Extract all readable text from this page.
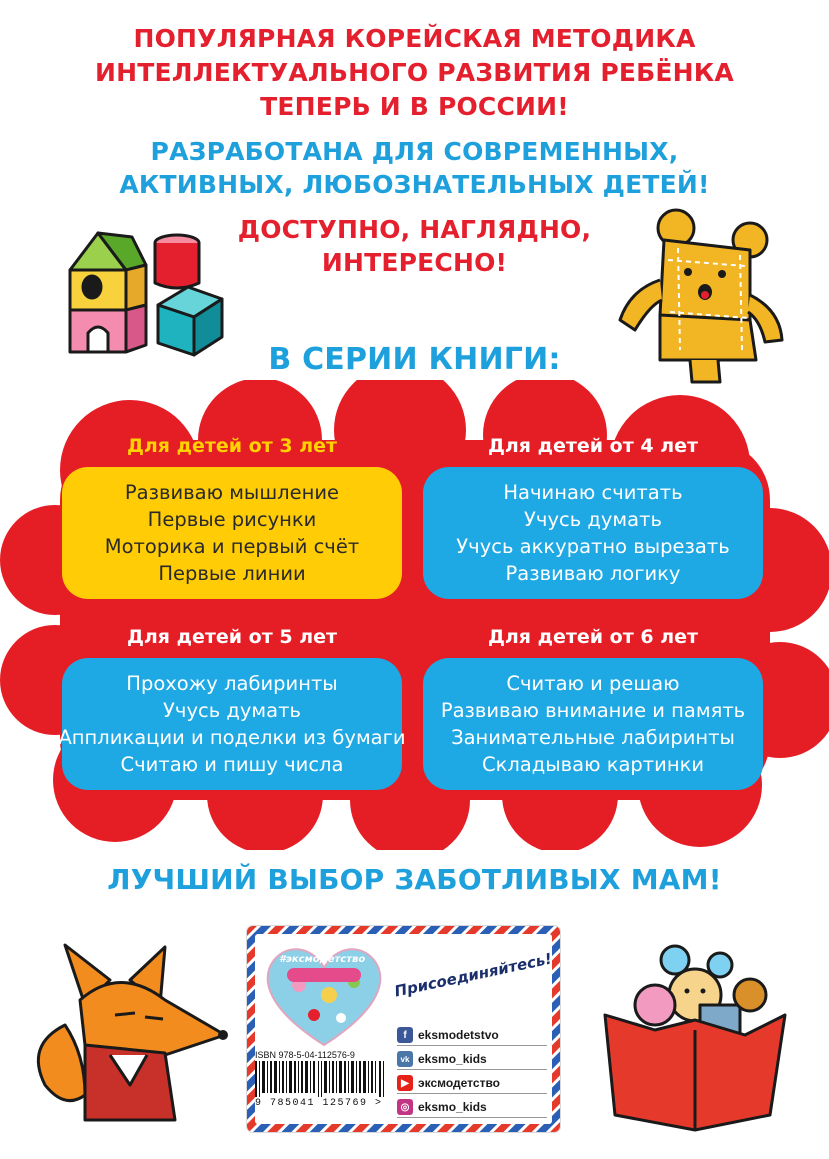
ПОПУЛЯРНАЯ КОРЕЙСКАЯ МЕТОДИКА
ИНТЕЛЛЕКТУАЛЬНОГО РАЗВИТИЯ РЕБЁНКА
ТЕПЕРЬ И В РОССИИ!
РАЗРАБОТАНА ДЛЯ СОВРЕМЕННЫХ,
АКТИВНЫХ, ЛЮБОЗНАТЕЛЬНЫХ ДЕТЕЙ!
ДОСТУПНО, НАГЛЯДНО,
ИНТЕРЕСНО!
В СЕРИИ КНИГИ:
Для детей от 3 лет
Развиваю мышление
Первые рисунки
Моторика и первый счёт
Первые линии
Для детей от 4 лет
Начинаю считать
Учусь думать
Учусь аккуратно вырезать
Развиваю логику
Для детей от 5 лет
Прохожу лабиринты
Учусь думать
Аппликации и поделки из бумаги
Считаю и пишу числа
Для детей от 6 лет
Считаю и решаю
Развиваю внимание и память
Занимательные лабиринты
Складываю картинки
ЛУЧШИЙ ВЫБОР ЗАБОТЛИВЫХ МАМ!
#эксмодетство Присоединяйтесь!
f eksmodetstvo
vk eksmo_kids
▶ эксмодетство
◎ eksmo_kids
ISBN 978-5-04-112576-9
9 785041 125769 >
